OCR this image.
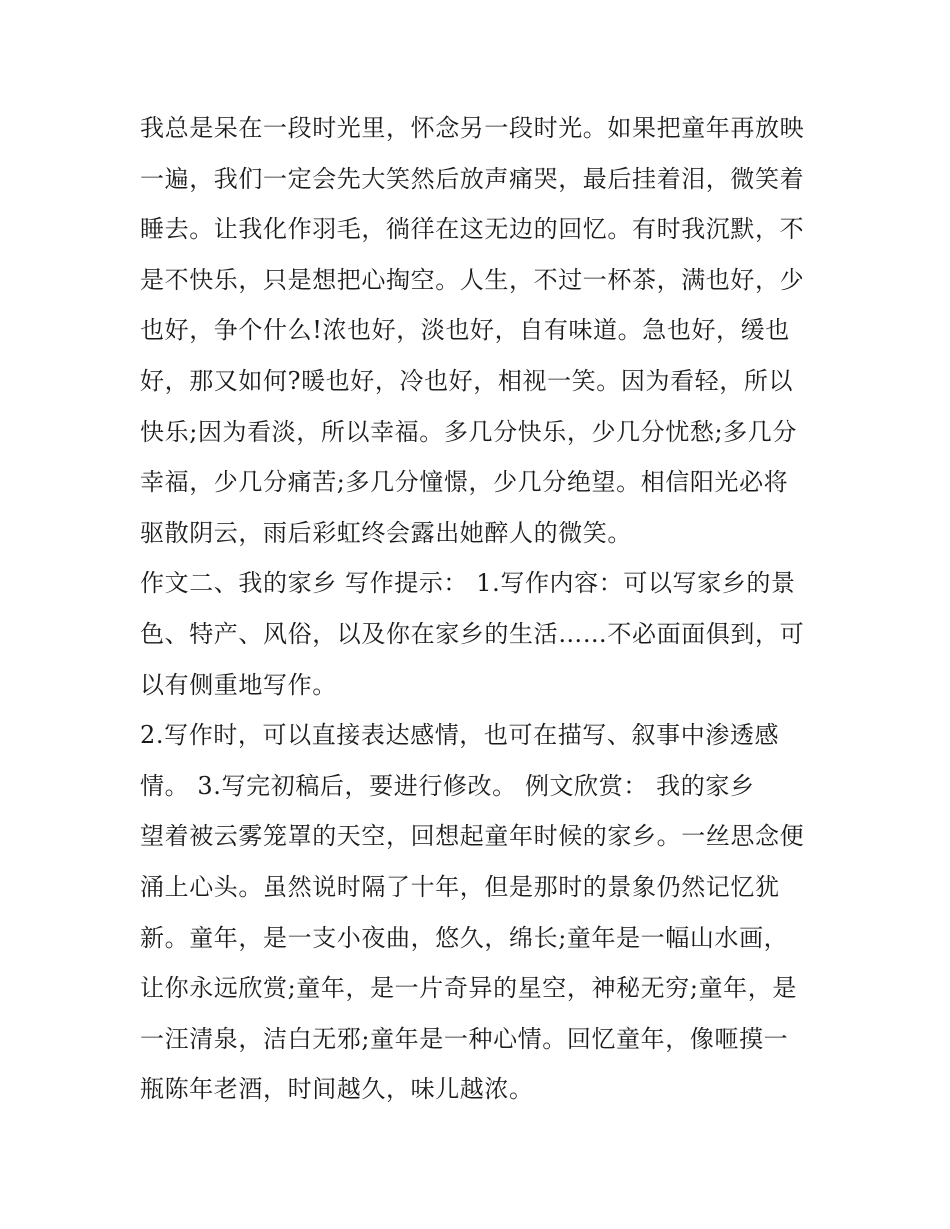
我总是呆在一段时光里，怀念另一段时光。如果把童年再放映
一遍，我们一定会先大笑然后放声痛哭，最后挂着泪，微笑着
睡去。让我化作羽毛，徜徉在这无边的回忆。有时我沉默，不
是不快乐，只是想把心掏空。人生，不过一杯茶，满也好，少
也好，争个什么!浓也好，淡也好，自有味道。急也好，缓也
好，那又如何?暖也好，冷也好，相视一笑。因为看轻，所以
快乐;因为看淡，所以幸福。多几分快乐，少几分忧愁;多几分
幸福，少几分痛苦;多几分憧憬，少几分绝望。相信阳光必将
驱散阴云，雨后彩虹终会露出她醉人的微笑。
作文二、我的家乡 写作提示： 1.写作内容：可以写家乡的景
色、特产、风俗，以及你在家乡的生活……不必面面俱到，可
以有侧重地写作。
2.写作时，可以直接表达感情，也可在描写、叙事中渗透感
情。 3.写完初稿后，要进行修改。 例文欣赏： 我的家乡
望着被云雾笼罩的天空，回想起童年时候的家乡。一丝思念便
涌上心头。虽然说时隔了十年，但是那时的景象仍然记忆犹
新。童年，是一支小夜曲，悠久，绵长;童年是一幅山水画，
让你永远欣赏;童年，是一片奇异的星空，神秘无穷;童年，是
一汪清泉，洁白无邪;童年是一种心情。回忆童年，像咂摸一
瓶陈年老酒，时间越久，味儿越浓。
